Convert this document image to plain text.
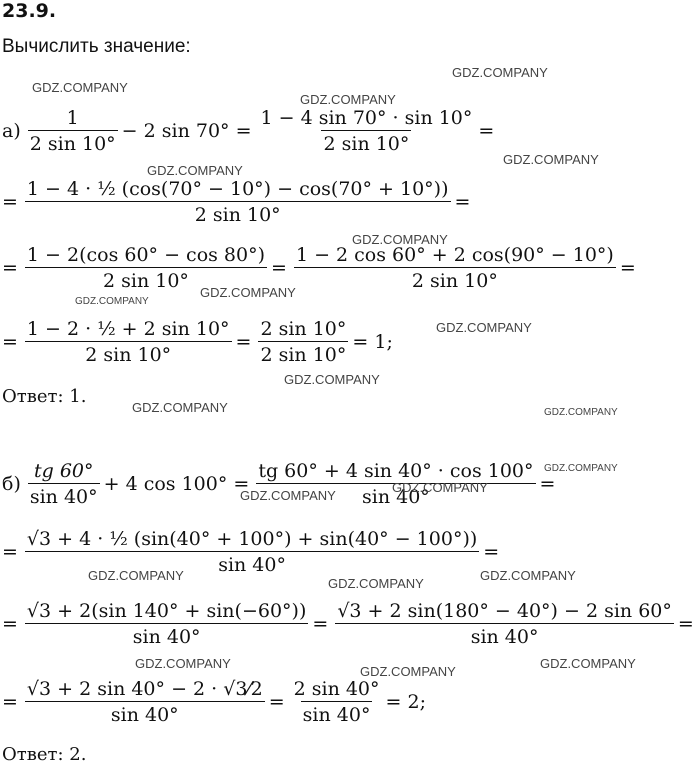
23.9.
Вычислить значение:
$а) \frac{1}{2 \sin 10^\circ} - 2$ $\sin 70^\circ = \frac{1 - 4 \sin 70^\circ \cdot \sin 10^\circ}{2 \sin 10^\circ}$ =
= $\frac{\text{1 − 4 · ½ (cos(70° − 10°) − cos(70° + 10°))}}{2 \sin 10^\circ}$ =
= $\frac{1 - 2(\cos 60^\circ - \cos 80^\circ)}{2 \sin 10^\circ} = \frac{1 - 2 \cos 60^\circ + 2 \cos(90^\circ - 10^\circ)}{2 \sin 10^\circ}$ =
= $\frac{\text{1 − 2 · ½ + 2 sin 10°}}{2 \sin 10^\circ} = \frac{2 \sin 10^\circ}{2 \sin 10^\circ} = 1$;
Ответ: 1.
$б) \frac{tg 60^\circ}{\sin 40^\circ} + 4$ $\cos 100^\circ = \frac{tg 60^\circ + 4 \sin 40^\circ \cdot \cos 100^\circ}{\sin 40^\circ}$ =
= $\frac{\text{√3 + 4 · ½ (sin(40° + 100°) + sin(40° − 100°))}}{\sin 40^\circ}$ =
= $\frac{√3 + 2(\sin 140^\circ + \sin(-60^\circ))}{\sin 40^\circ} = \frac{√3 + 2 \sin(180^\circ - 40^\circ) - 2 \sin 60^\circ}{\sin 40^\circ}$ =
= $\frac{√3 + 2 \sin 40^\circ - 2 \cdot √3⁄2}{\sin 40^\circ} = \frac{2 \sin 40^\circ}{\sin 40^\circ} = 2$;
Ответ: 2.
GDZ.COMPANY
GDZ.COMPANY
GDZ.COMPANY
GDZ.COMPANY
GDZ.COMPANY
GDZ.COMPANY
GDZ.COMPANY
GDZ.COMPANY
GDZ.COMPANY
GDZ.COMPANY
GDZ.COMPANY	GDZ.COMPANY
GDZ.COMPANY
GDZ.COMPANY
GDZ.COMPANY
GDZ.COMPANY
GDZ.COMPANY
GDZ.COMPANY
GDZ.COMPANY
GDZ.COMPANY
GDZ.COMPANY
